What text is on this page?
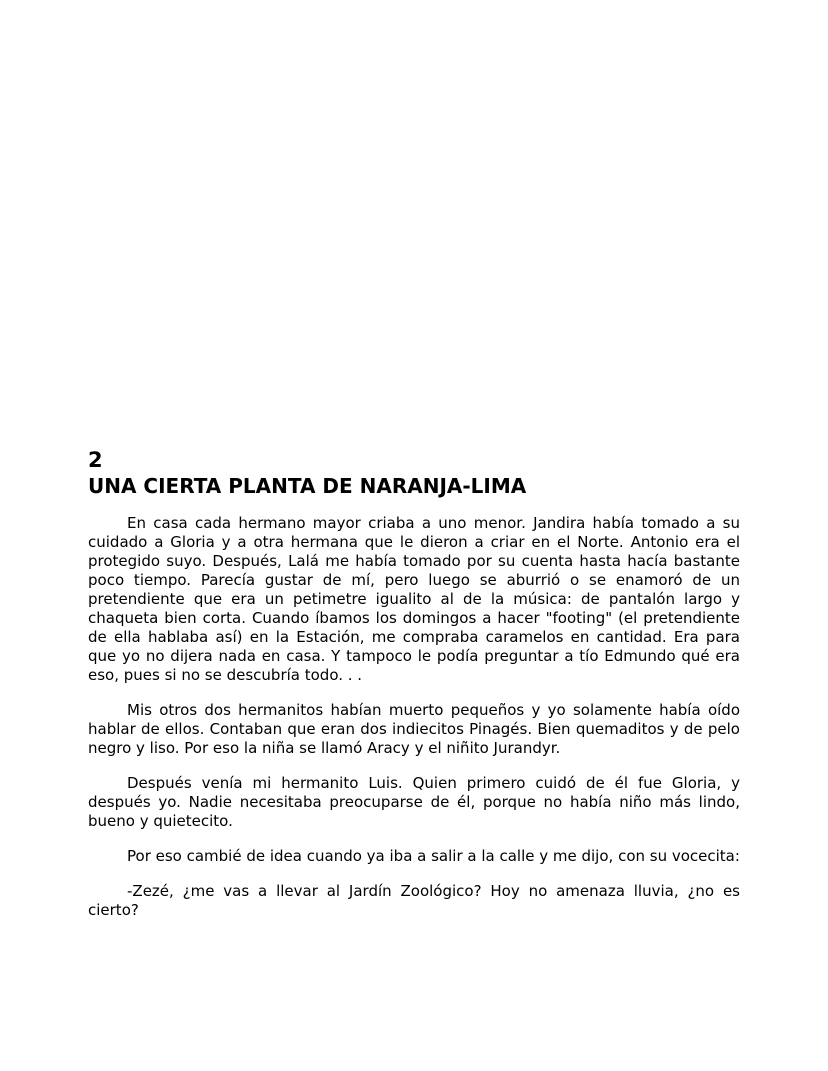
2
UNA CIERTA PLANTA DE NARANJA-LIMA

En casa cada hermano mayor criaba a uno menor. Jandira había tomado a su cuidado a Gloria y a otra hermana que le dieron a criar en el Norte. Antonio era el protegido suyo. Después, Lalá me había tomado por su cuenta hasta hacía bastante poco tiempo. Parecía gustar de mí, pero luego se aburrió o se enamoró de un pretendiente que era un petimetre igualito al de la música: de pantalón largo y chaqueta bien corta. Cuando íbamos los domingos a hacer "footing" (el pretendiente de ella hablaba así) en la Estación, me compraba caramelos en cantidad. Era para que yo no dijera nada en casa. Y tampoco le podía preguntar a tío Edmundo qué era eso, pues si no se descubría todo. . .

Mis otros dos hermanitos habían muerto pequeños y yo solamente había oído hablar de ellos. Contaban que eran dos indiecitos Pinagés. Bien quemaditos y de pelo negro y liso. Por eso la niña se llamó Aracy y el niñito Jurandyr.

Después venía mi hermanito Luis. Quien primero cuidó de él fue Gloria, y después yo. Nadie necesitaba preocuparse de él, porque no había niño más lindo, bueno y quietecito.

Por eso cambié de idea cuando ya iba a salir a la calle y me dijo, con su vocecita:

-Zezé, ¿me vas a llevar al Jardín Zoológico? Hoy no amenaza lluvia, ¿no es cierto?
